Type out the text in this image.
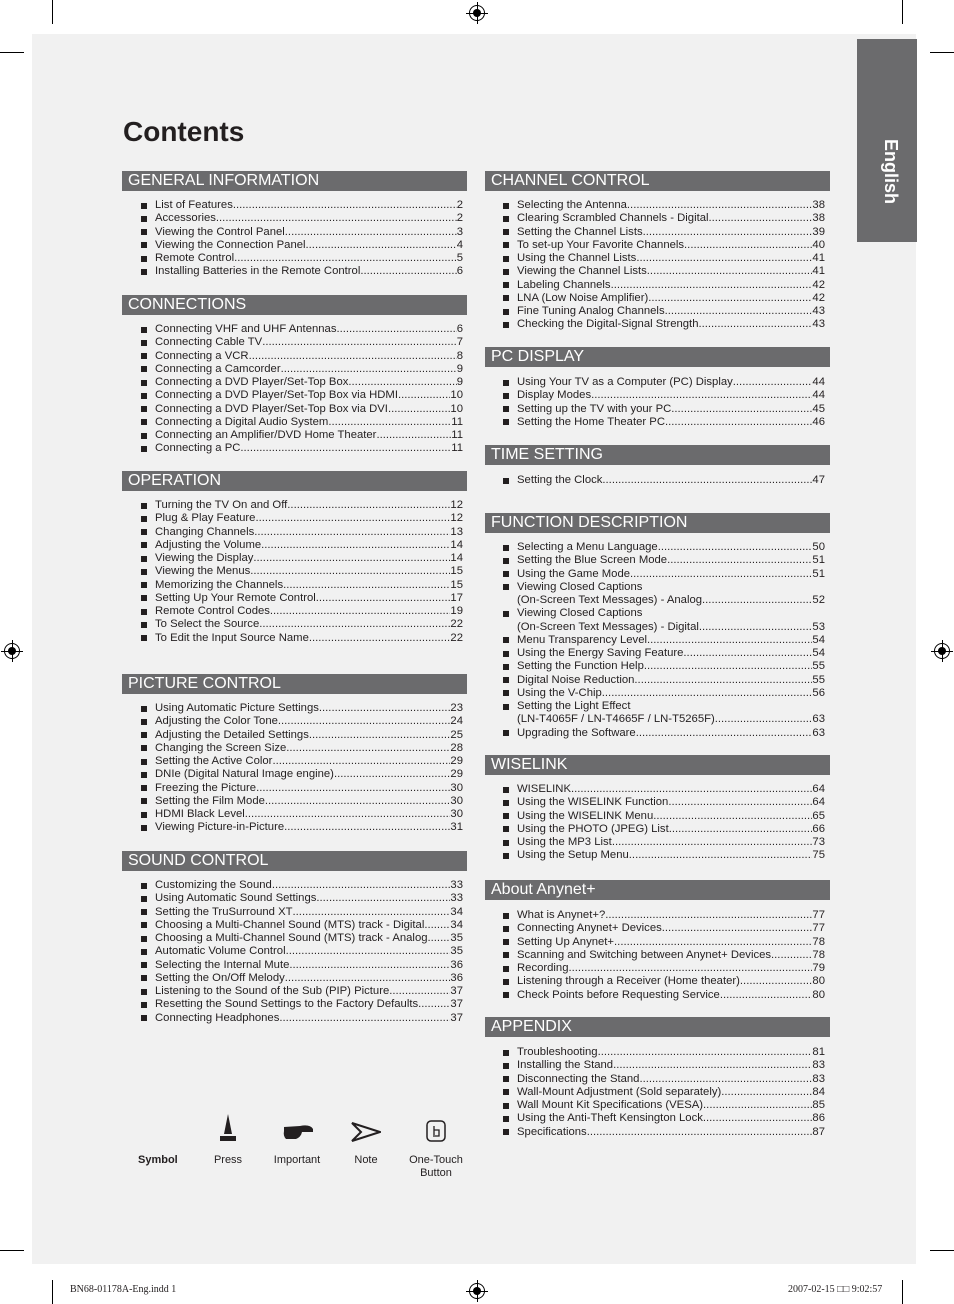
English
Contents
GENERAL INFORMATION
List of Features .....	2
Accessories .....	2
Viewing the Control Panel .....	3
Viewing the Connection Panel .....	4
Remote Control .....	5
Installing Batteries in the Remote Control .....	6
CONNECTIONS
Connecting VHF and UHF Antennas .....	6
Connecting Cable TV .....	7
Connecting a VCR .....	8
Connecting a Camcorder .....	9
Connecting a DVD Player/Set-Top Box .....	9
Connecting a DVD Player/Set-Top Box via HDMI .....	10
Connecting a DVD Player/Set-Top Box via DVI .....	10
Connecting a Digital Audio System .....	11
Connecting an Amplifier/DVD Home Theater .....	11
Connecting a PC .....	11
OPERATION
Turning the TV On and Off .....	12
Plug & Play Feature .....	12
Changing Channels .....	13
Adjusting the Volume .....	14
Viewing the Display .....	14
Viewing the Menus .....	15
Memorizing the Channels .....	15
Setting Up Your Remote Control .....	17
Remote Control Codes .....	19
To Select the Source .....	22
To Edit the Input Source Name .....	22
PICTURE CONTROL
Using Automatic Picture Settings .....	23
Adjusting the Color Tone .....	24
Adjusting the Detailed Settings .....	25
Changing the Screen Size .....	28
Setting the Active Color .....	29
DNIe (Digital Natural Image engine) .....	29
Freezing the Picture .....	30
Setting the Film Mode .....	30
HDMI Black Level .....	30
Viewing Picture-in-Picture .....	31
SOUND CONTROL
Customizing the Sound .....	33
Using Automatic Sound Settings .....	33
Setting the TruSurround XT .....	34
Choosing a Multi-Channel Sound (MTS) track - Digital ..... 34
Choosing a Multi-Channel Sound (MTS) track - Analog ..... 35
Automatic Volume Control .....	35
Selecting the Internal Mute .....	36
Setting the On/Off Melody .....	36
Listening to the Sound of the Sub (PIP) Picture .....	37
Resetting the Sound Settings to the Factory Defaults .....	37
Connecting Headphones .....	37
CHANNEL CONTROL
Selecting the Antenna .....	38
Clearing Scrambled Channels - Digital .....	38
Setting the Channel Lists .....	39
To set-up Your Favorite Channels .....	40
Using the Channel Lists .....	41
Viewing the Channel Lists .....	41
Labeling Channels .....	42
LNA (Low Noise Amplifier) .....	42
Fine Tuning Analog Channels .....	43
Checking the Digital-Signal Strength .....	43
PC DISPLAY
Using Your TV as a Computer (PC) Display .....	44
Display Modes .....	44
Setting up the TV with your PC .....	45
Setting the Home Theater PC .....	46
TIME SETTING
Setting the Clock .....	47
FUNCTION DESCRIPTION
Selecting a Menu Language .....	50
Setting the Blue Screen Mode .....	51
Using the Game Mode .....	51
Viewing Closed Captions
(On-Screen Text Messages) - Analog .....	52
Viewing Closed Captions
(On-Screen Text Messages) - Digital .....	53
Menu Transparency Level .....	54
Using the Energy Saving Feature .....	54
Setting the Function Help .....	55
Digital Noise Reduction .....	55
Using the V-Chip .....	56
Setting the Light Effect
(LN-T4065F / LN-T4665F / LN-T5265F) .....	63
Upgrading the Software .....	63
WISELINK
WISELINK .....	64
Using the WISELINK Function .....	64
Using the WISELINK Menu .....	65
Using the PHOTO (JPEG) List .....	66
Using the MP3 List .....	73
Using the Setup Menu .....	75
About Anynet+
What is Anynet+? .....	77
Connecting Anynet+ Devices .....	77
Setting Up Anynet+ .....	78
Scanning and Switching between Anynet+ Devices .....	78
Recording .....	79
Listening through a Receiver (Home theater) .....	80
Check Points before Requesting Service .....	80
APPENDIX
Troubleshooting .....	81
Installing the Stand .....	83
Disconnecting the Stand .....	83
Wall-Mount Adjustment (Sold separately) .....	84
Wall Mount Kit Specifications (VESA) .....	85
Using the Anti-Theft Kensington Lock .....	86
Specifications .....	87
Symbol	Press	Important	Note	One-Touch
Button
BN68-01178A-Eng.indd 1	2007-02-15 □□ 9:02:57
